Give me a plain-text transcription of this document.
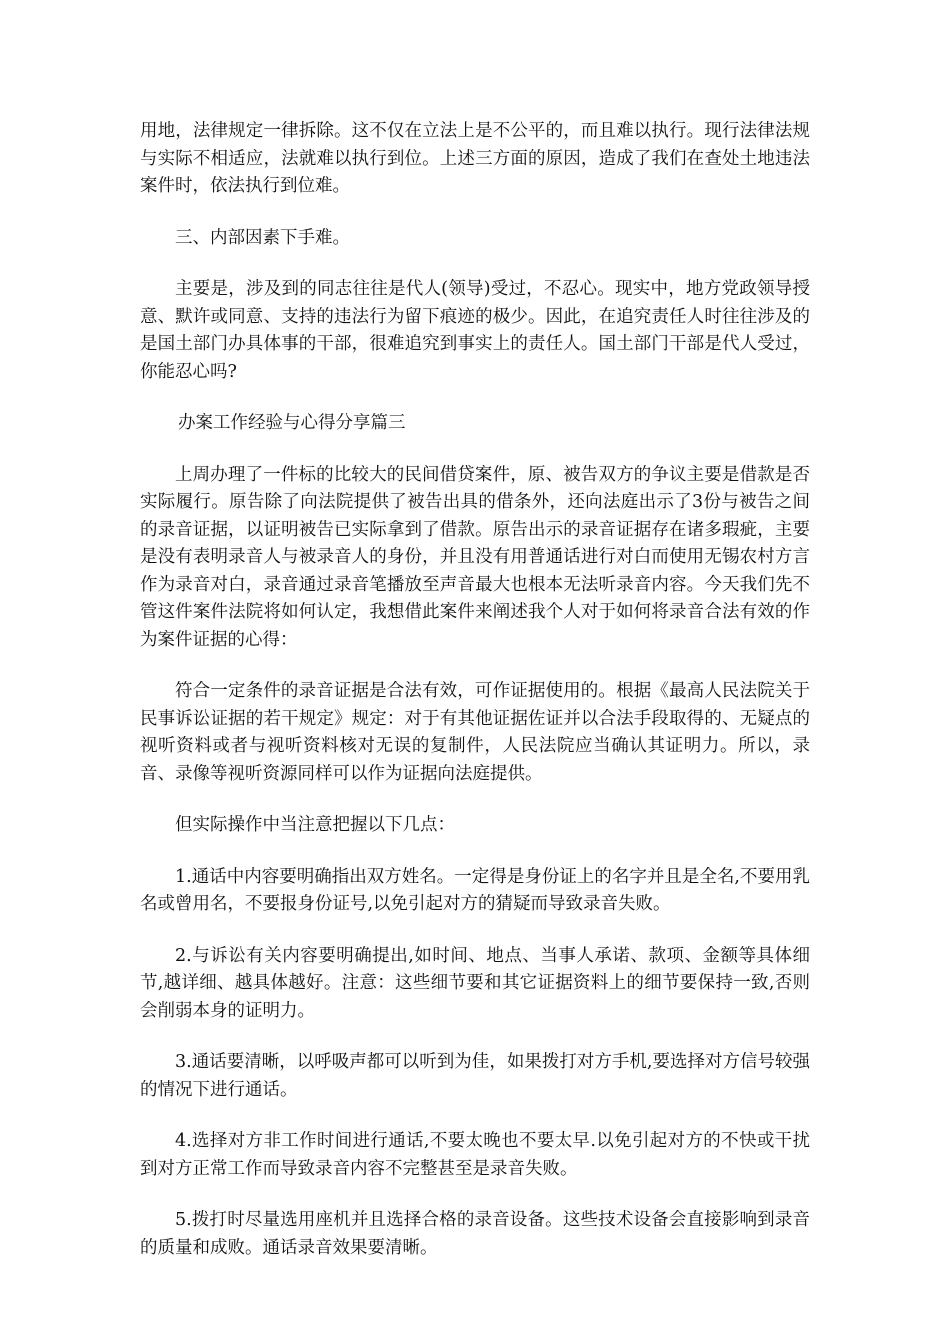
用地，法律规定一律拆除。这不仅在立法上是不公平的，而且难以执行。现行法律法规与实际不相适应，法就难以执行到位。上述三方面的原因，造成了我们在查处土地违法案件时，依法执行到位难。

三、内部因素下手难。

主要是，涉及到的同志往往是代人(领导)受过，不忍心。现实中，地方党政领导授意、默许或同意、支持的违法行为留下痕迹的极少。因此，在追究责任人时往往涉及的是国土部门办具体事的干部，很难追究到事实上的责任人。国土部门干部是代人受过，你能忍心吗?

办案工作经验与心得分享篇三

上周办理了一件标的比较大的民间借贷案件，原、被告双方的争议主要是借款是否实际履行。原告除了向法院提供了被告出具的借条外，还向法庭出示了3份与被告之间的录音证据，以证明被告已实际拿到了借款。原告出示的录音证据存在诸多瑕疵，主要是没有表明录音人与被录音人的身份，并且没有用普通话进行对白而使用无锡农村方言作为录音对白，录音通过录音笔播放至声音最大也根本无法听录音内容。今天我们先不管这件案件法院将如何认定，我想借此案件来阐述我个人对于如何将录音合法有效的作为案件证据的心得：

符合一定条件的录音证据是合法有效，可作证据使用的。根据《最高人民法院关于民事诉讼证据的若干规定》规定：对于有其他证据佐证并以合法手段取得的、无疑点的视听资料或者与视听资料核对无误的复制件，人民法院应当确认其证明力。所以，录音、录像等视听资源同样可以作为证据向法庭提供。

但实际操作中当注意把握以下几点：

1.通话中内容要明确指出双方姓名。一定得是身份证上的名字并且是全名,不要用乳名或曾用名，不要报身份证号,以免引起对方的猜疑而导致录音失败。

2.与诉讼有关内容要明确提出,如时间、地点、当事人承诺、款项、金额等具体细节,越详细、越具体越好。注意：这些细节要和其它证据资料上的细节要保持一致,否则会削弱本身的证明力。

3.通话要清晰，以呼吸声都可以听到为佳，如果拨打对方手机,要选择对方信号较强的情况下进行通话。

4.选择对方非工作时间进行通话,不要太晚也不要太早.以免引起对方的不快或干扰到对方正常工作而导致录音内容不完整甚至是录音失败。

5.拨打时尽量选用座机并且选择合格的录音设备。这些技术设备会直接影响到录音的质量和成败。通话录音效果要清晰。
